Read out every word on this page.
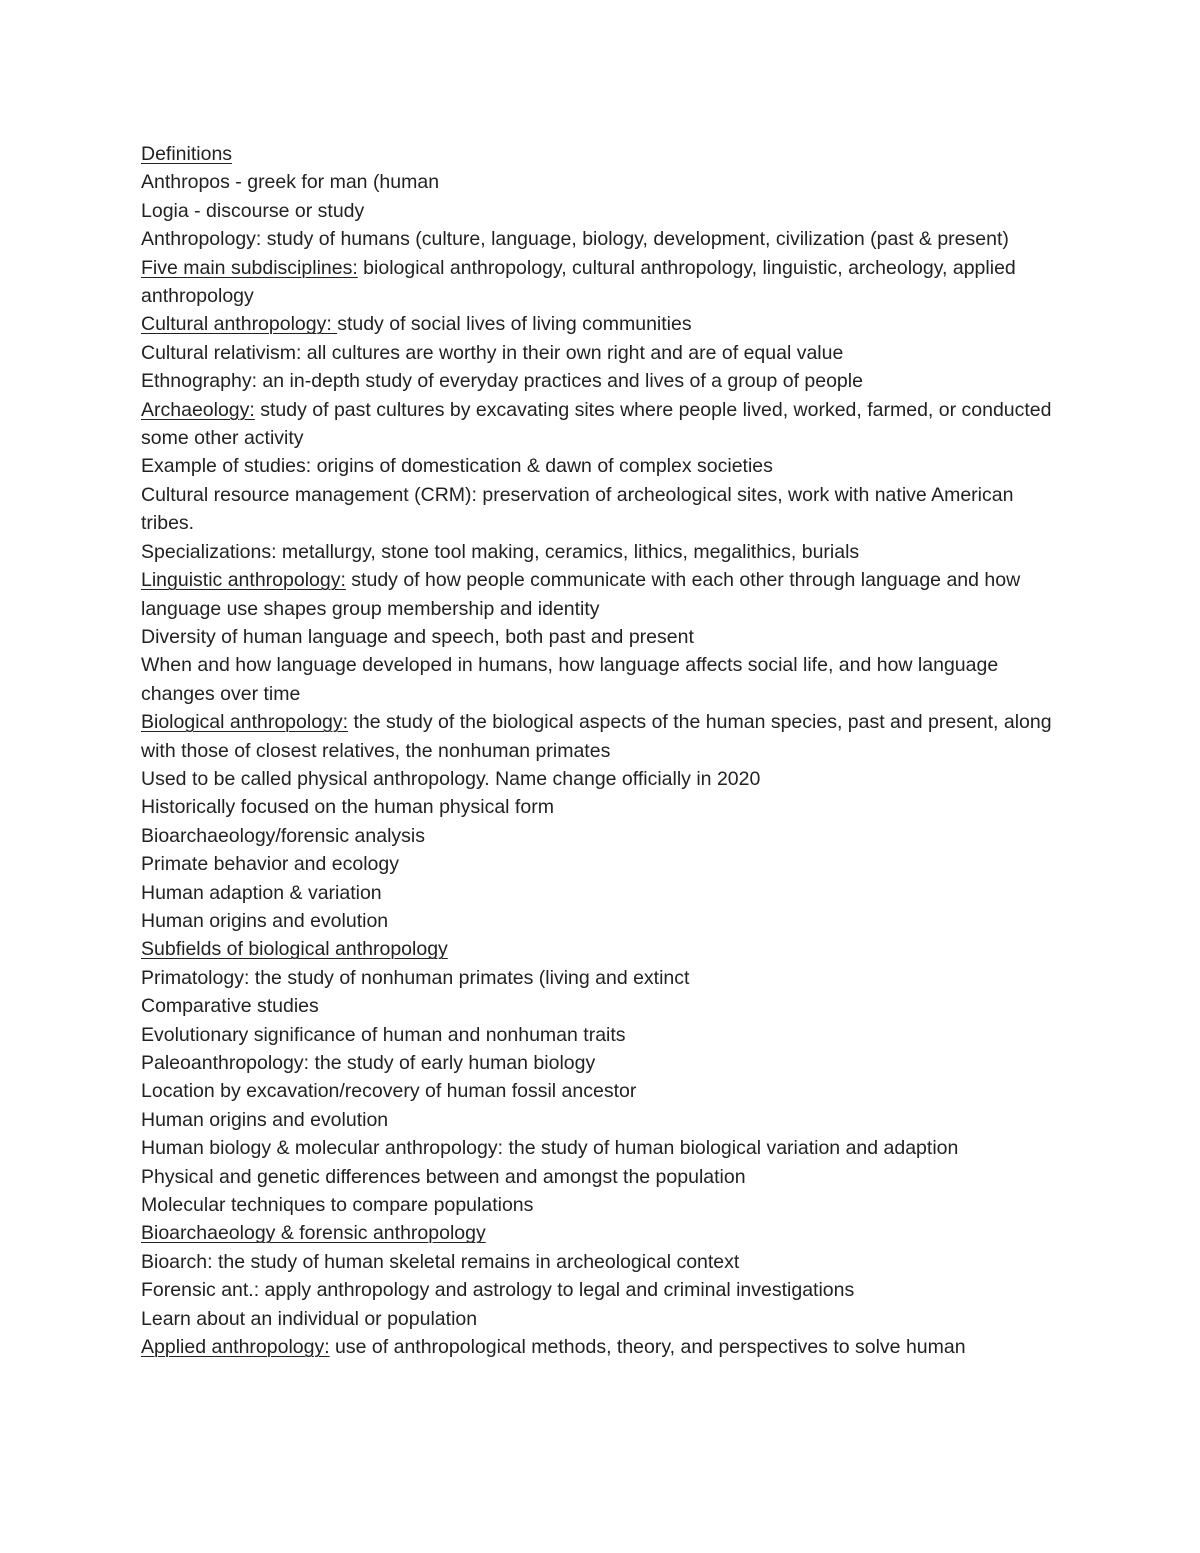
Definitions

Anthropos - greek for man (human

Logia - discourse or study

Anthropology: study of humans (culture, language, biology, development, civilization (past & present)

Five main subdisciplines: biological anthropology, cultural anthropology, linguistic, archeology, applied anthropology

Cultural anthropology: study of social lives of living communities

Cultural relativism: all cultures are worthy in their own right and are of equal value

Ethnography: an in-depth study of everyday practices and lives of a group of people

Archaeology: study of past cultures by excavating sites where people lived, worked, farmed, or conducted some other activity

Example of studies: origins of domestication & dawn of complex societies

Cultural resource management (CRM): preservation of archeological sites, work with native American tribes.

Specializations: metallurgy, stone tool making, ceramics, lithics, megalithics, burials

Linguistic anthropology: study of how people communicate with each other through language and how language use shapes group membership and identity

Diversity of human language and speech, both past and present

When and how language developed in humans, how language affects social life, and how language changes over time

Biological anthropology: the study of the biological aspects of the human species, past and present, along with those of closest relatives, the nonhuman primates

Used to be called physical anthropology. Name change officially in 2020

Historically focused on the human physical form

Bioarchaeology/forensic analysis

Primate behavior and ecology

Human adaption & variation

Human origins and evolution

Subfields of biological anthropology

Primatology: the study of nonhuman primates (living and extinct

Comparative studies

Evolutionary significance of human and nonhuman traits

Paleoanthropology: the study of early human biology

Location by excavation/recovery of human fossil ancestor

Human origins and evolution

Human biology & molecular anthropology: the study of human biological variation and adaption

Physical and genetic differences between and amongst the population

Molecular techniques to compare populations

Bioarchaeology & forensic anthropology

Bioarch: the study of human skeletal remains in archeological context

Forensic ant.: apply anthropology and astrology to legal and criminal investigations

Learn about an individual or population

Applied anthropology: use of anthropological methods, theory, and perspectives to solve human
